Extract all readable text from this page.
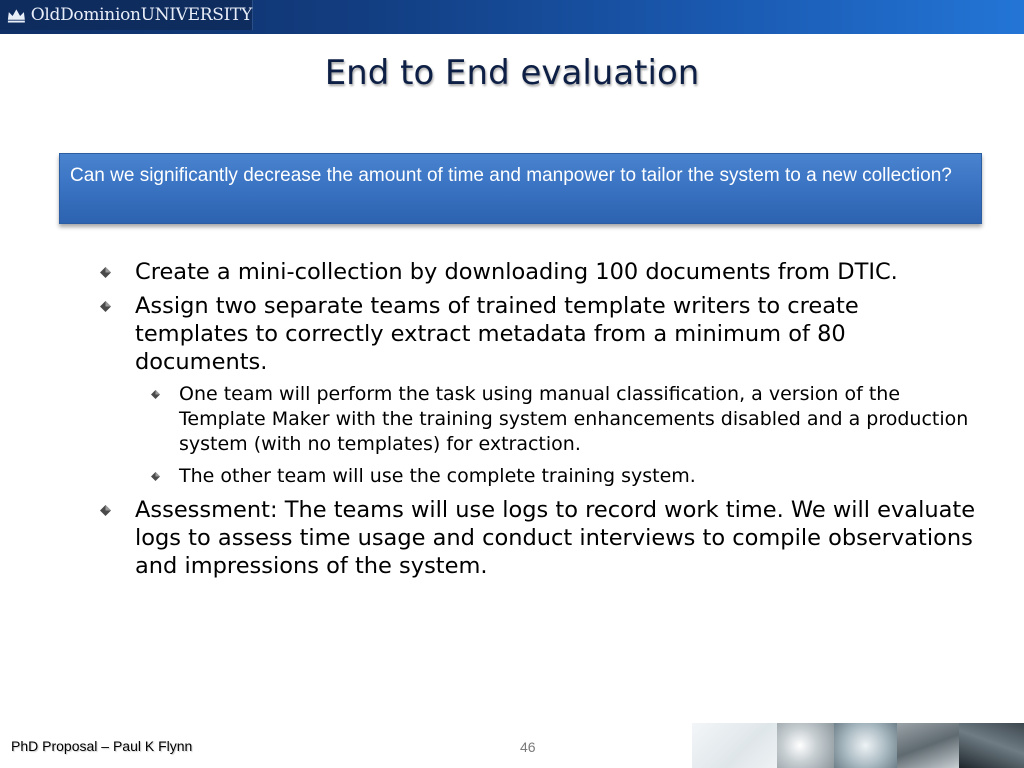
OldDominionUNIVERSITY
End to End evaluation
Can we significantly decrease the amount of time and manpower to tailor the system to a new collection?
Create a mini-collection by downloading 100 documents from DTIC.
Assign two separate teams of trained template writers to create templates to correctly extract metadata from a minimum of 80 documents.
One team will perform the task using manual classification, a version of the Template Maker with the training system enhancements disabled and a production system (with no templates) for extraction.
The other team will use the complete training system.
Assessment: The teams will use logs to record work time. We will evaluate logs to assess time usage and conduct interviews to compile observations and impressions of the system.
PhD Proposal – Paul K Flynn	46
